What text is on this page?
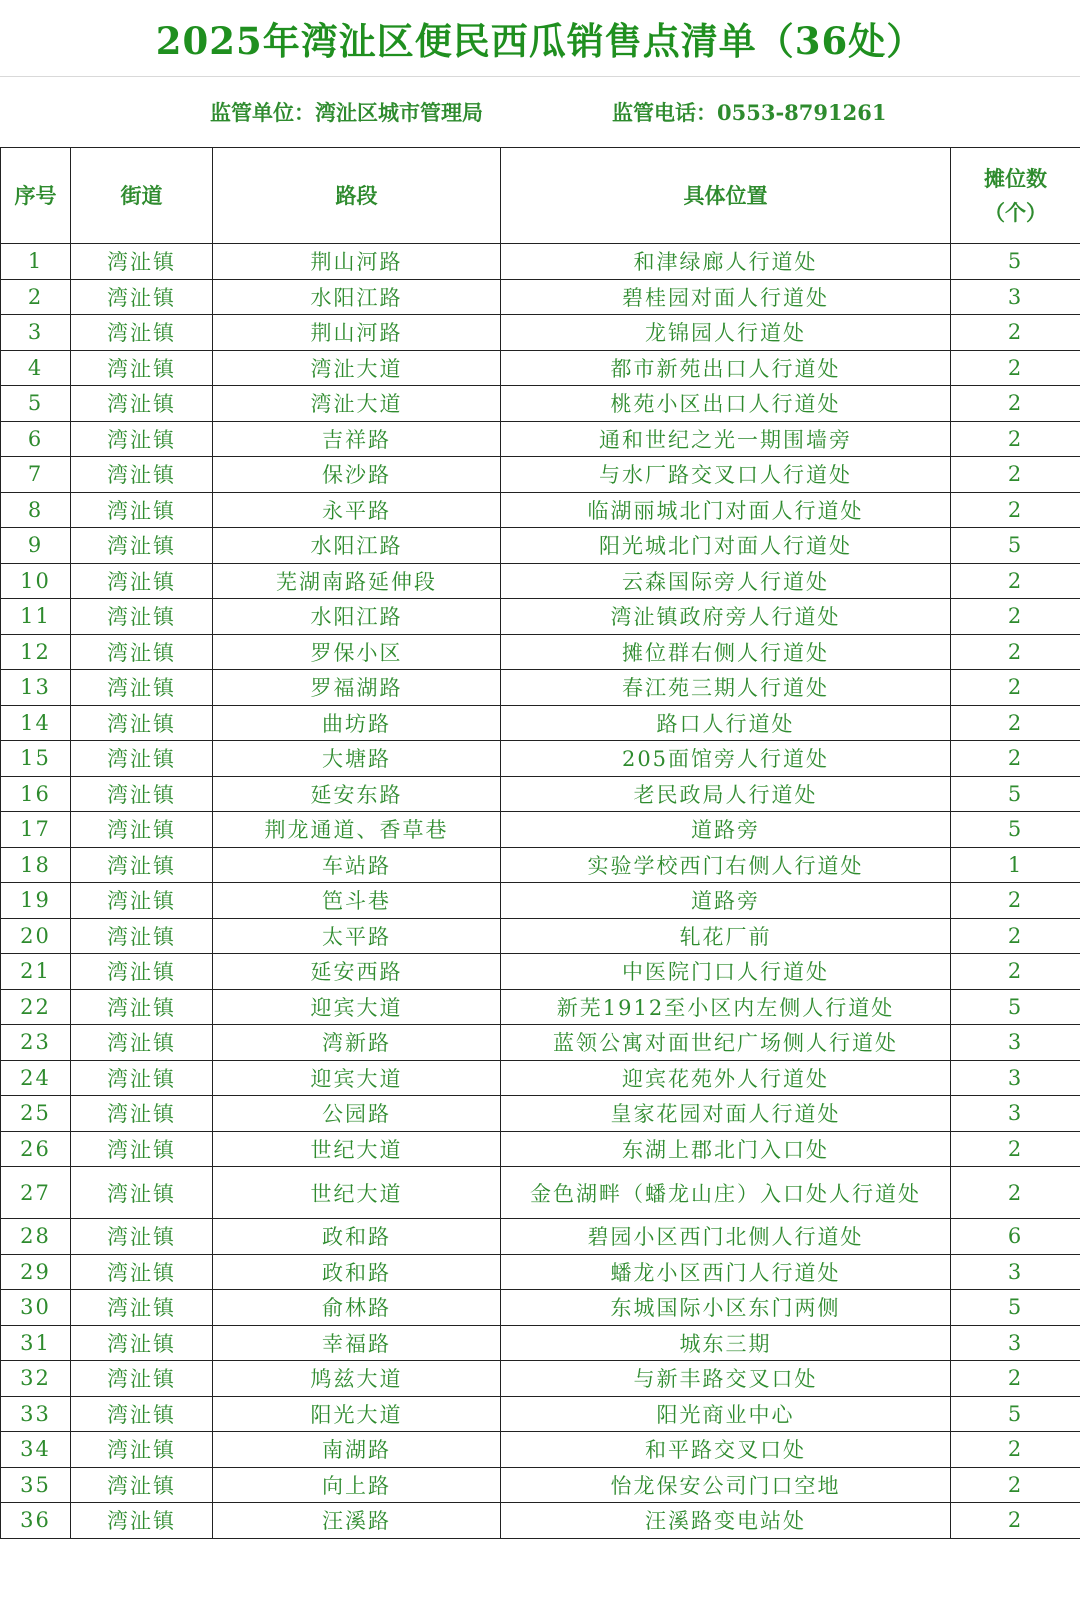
2025年湾沚区便民西瓜销售点清单（36处）
监管单位：湾沚区城市管理局	监管电话：0553-8791261
序号	街道	路段	具体位置	摊位数
（个）

1	湾沚镇	荆山河路	和津绿廊人行道处	5
2	湾沚镇	水阳江路	碧桂园对面人行道处	3
3	湾沚镇	荆山河路	龙锦园人行道处	2
4	湾沚镇	湾沚大道	都市新苑出口人行道处	2
5	湾沚镇	湾沚大道	桃苑小区出口人行道处	2
6	湾沚镇	吉祥路	通和世纪之光一期围墙旁	2
7	湾沚镇	保沙路	与水厂路交叉口人行道处	2
8	湾沚镇	永平路	临湖丽城北门对面人行道处	2
9	湾沚镇	水阳江路	阳光城北门对面人行道处	5
10	湾沚镇	芜湖南路延伸段	云森国际旁人行道处	2
11	湾沚镇	水阳江路	湾沚镇政府旁人行道处	2
12	湾沚镇	罗保小区	摊位群右侧人行道处	2
13	湾沚镇	罗福湖路	春江苑三期人行道处	2
14	湾沚镇	曲坊路	路口人行道处	2
15	湾沚镇	大塘路	205面馆旁人行道处	2
16	湾沚镇	延安东路	老民政局人行道处	5
17	湾沚镇	荆龙通道、香草巷	道路旁	5
18	湾沚镇	车站路	实验学校西门右侧人行道处	1
19	湾沚镇	笆斗巷	道路旁	2
20	湾沚镇	太平路	轧花厂前	2
21	湾沚镇	延安西路	中医院门口人行道处	2
22	湾沚镇	迎宾大道	新芜1912至小区内左侧人行道处	5
23	湾沚镇	湾新路	蓝领公寓对面世纪广场侧人行道处	3
24	湾沚镇	迎宾大道	迎宾花苑外人行道处	3
25	湾沚镇	公园路	皇家花园对面人行道处	3
26	湾沚镇	世纪大道	东湖上郡北门入口处	2
27	湾沚镇	世纪大道	金色湖畔（蟠龙山庄）入口处人行道处	2
28	湾沚镇	政和路	碧园小区西门北侧人行道处	6
29	湾沚镇	政和路	蟠龙小区西门人行道处	3
30	湾沚镇	俞林路	东城国际小区东门两侧	5
31	湾沚镇	幸福路	城东三期	3
32	湾沚镇	鸠兹大道	与新丰路交叉口处	2
33	湾沚镇	阳光大道	阳光商业中心	5
34	湾沚镇	南湖路	和平路交叉口处	2
35	湾沚镇	向上路	怡龙保安公司门口空地	2
36	湾沚镇	汪溪路	汪溪路变电站处	2
